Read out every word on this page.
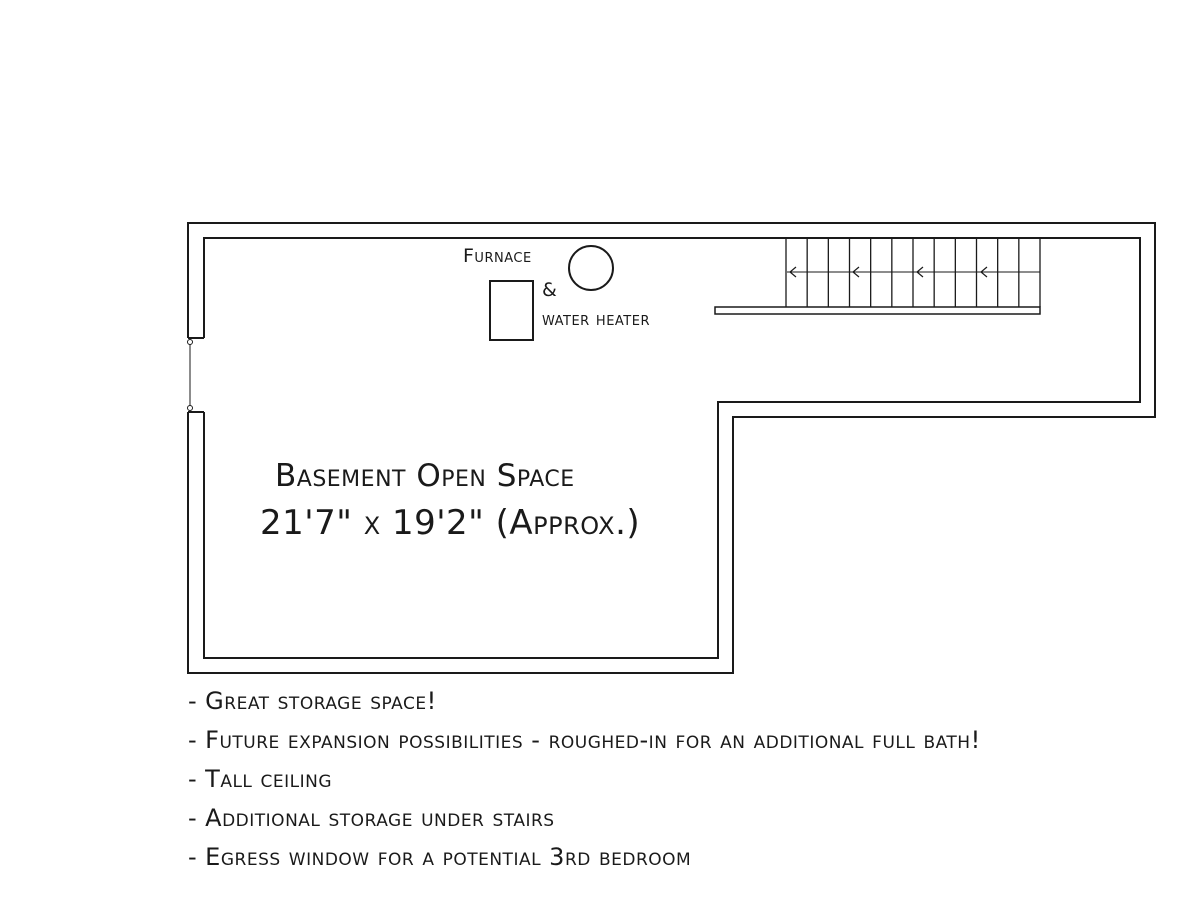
Furnace
&
water heater
Basement Open Space
21'7" x 19'2" (Approx.)
- Great storage space!
- Future expansion possibilities - roughed-in for an additional full bath!
- Tall ceiling
- Additional storage under stairs
- Egress window for a potential 3rd bedroom
